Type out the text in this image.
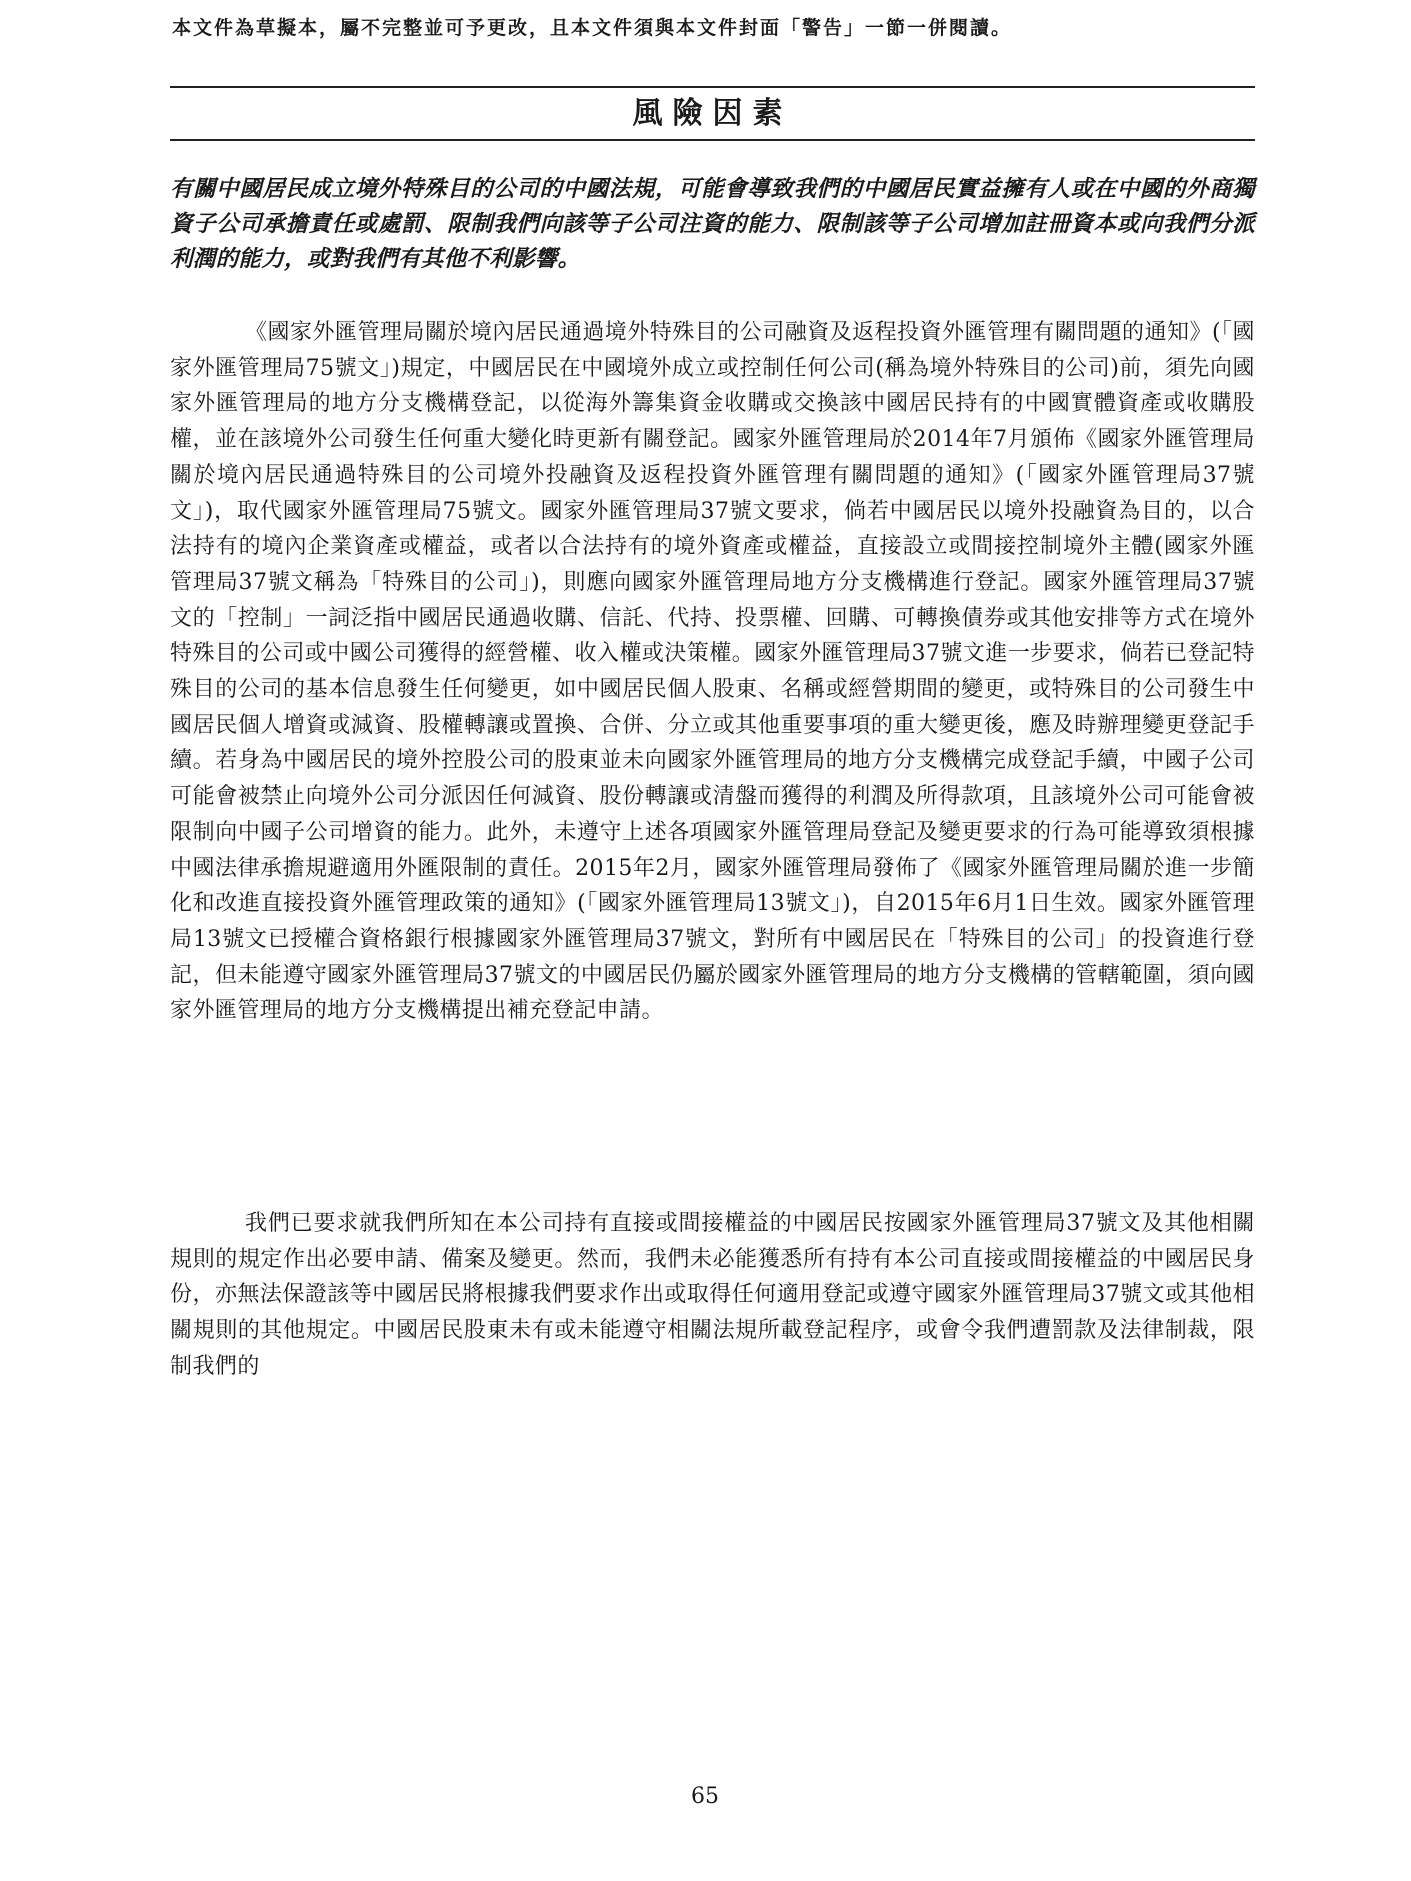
本文件為草擬本，屬不完整並可予更改，且本文件須與本文件封面「警告」一節一併閱讀。
風險因素
有關中國居民成立境外特殊目的公司的中國法規，可能會導致我們的中國居民實益擁有人或在中國的外商獨資子公司承擔責任或處罰、限制我們向該等子公司注資的能力、限制該等子公司增加註冊資本或向我們分派利潤的能力，或對我們有其他不利影響。

《國家外匯管理局關於境內居民通過境外特殊目的公司融資及返程投資外匯管理有關問題的通知》(「國家外匯管理局75號文」)規定，中國居民在中國境外成立或控制任何公司(稱為境外特殊目的公司)前，須先向國家外匯管理局的地方分支機構登記，以從海外籌集資金收購或交換該中國居民持有的中國實體資產或收購股權，並在該境外公司發生任何重大變化時更新有關登記。國家外匯管理局於2014年7月頒佈《國家外匯管理局關於境內居民通過特殊目的公司境外投融資及返程投資外匯管理有關問題的通知》(「國家外匯管理局37號文」)，取代國家外匯管理局75號文。國家外匯管理局37號文要求，倘若中國居民以境外投融資為目的，以合法持有的境內企業資產或權益，或者以合法持有的境外資產或權益，直接設立或間接控制境外主體(國家外匯管理局37號文稱為「特殊目的公司」)，則應向國家外匯管理局地方分支機構進行登記。國家外匯管理局37號文的「控制」一詞泛指中國居民通過收購、信託、代持、投票權、回購、可轉換債券或其他安排等方式在境外特殊目的公司或中國公司獲得的經營權、收入權或決策權。國家外匯管理局37號文進一步要求，倘若已登記特殊目的公司的基本信息發生任何變更，如中國居民個人股東、名稱或經營期間的變更，或特殊目的公司發生中國居民個人增資或減資、股權轉讓或置換、合併、分立或其他重要事項的重大變更後，應及時辦理變更登記手續。若身為中國居民的境外控股公司的股東並未向國家外匯管理局的地方分支機構完成登記手續，中國子公司可能會被禁止向境外公司分派因任何減資、股份轉讓或清盤而獲得的利潤及所得款項，且該境外公司可能會被限制向中國子公司增資的能力。此外，未遵守上述各項國家外匯管理局登記及變更要求的行為可能導致須根據中國法律承擔規避適用外匯限制的責任。2015年2月，國家外匯管理局發佈了《國家外匯管理局關於進一步簡化和改進直接投資外匯管理政策的通知》(「國家外匯管理局13號文」)，自2015年6月1日生效。國家外匯管理局13號文已授權合資格銀行根據國家外匯管理局37號文，對所有中國居民在「特殊目的公司」的投資進行登記，但未能遵守國家外匯管理局37號文的中國居民仍屬於國家外匯管理局的地方分支機構的管轄範圍，須向國家外匯管理局的地方分支機構提出補充登記申請。

我們已要求就我們所知在本公司持有直接或間接權益的中國居民按國家外匯管理局37號文及其他相關規則的規定作出必要申請、備案及變更。然而，我們未必能獲悉所有持有本公司直接或間接權益的中國居民身份，亦無法保證該等中國居民將根據我們要求作出或取得任何適用登記或遵守國家外匯管理局37號文或其他相關規則的其他規定。中國居民股東未有或未能遵守相關法規所載登記程序，或會令我們遭罰款及法律制裁，限制我們的

65
